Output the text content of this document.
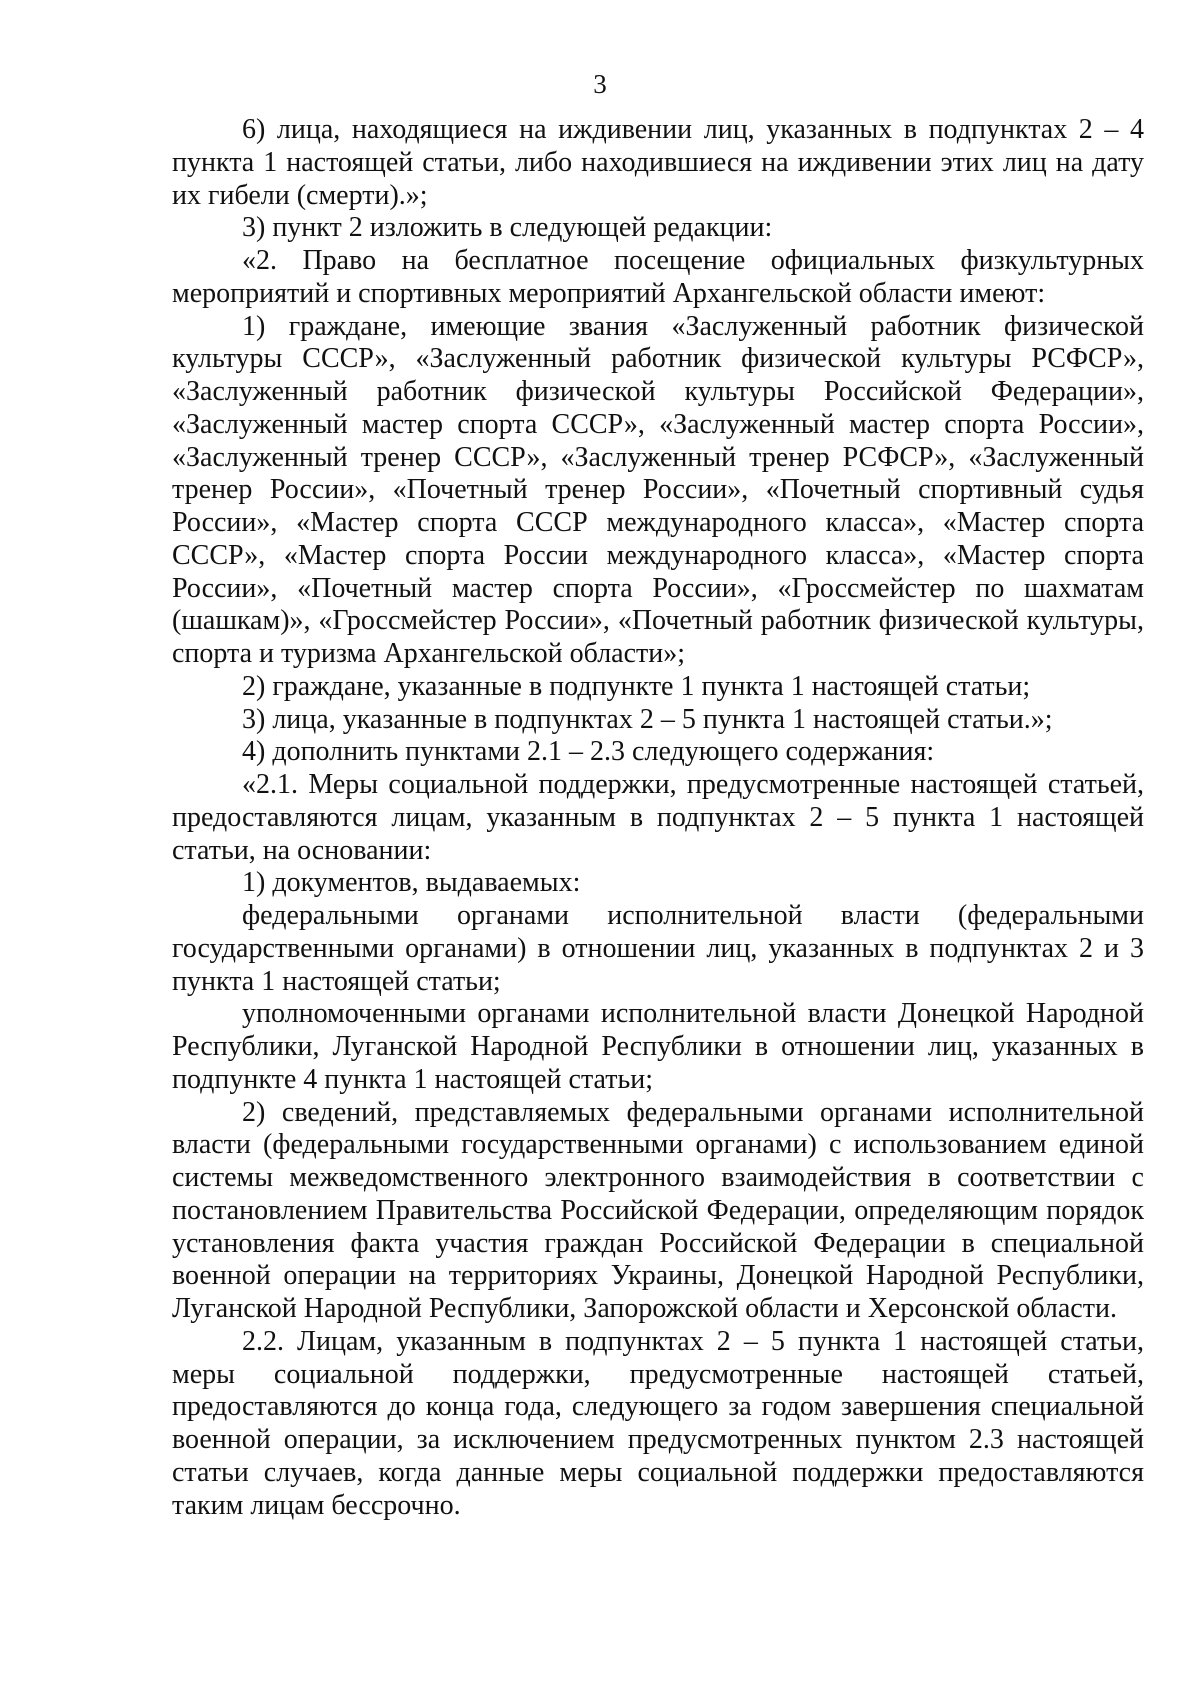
3

6) лица, находящиеся на иждивении лиц, указанных в подпунктах 2 – 4 пункта 1 настоящей статьи, либо находившиеся на иждивении этих лиц на дату их гибели (смерти).»;

3) пункт 2 изложить в следующей редакции:

«2. Право на бесплатное посещение официальных физкультурных мероприятий и спортивных мероприятий Архангельской области имеют:

1) граждане, имеющие звания «Заслуженный работник физической культуры СССР», «Заслуженный работник физической культуры РСФСР», «Заслуженный работник физической культуры Российской Федерации», «Заслуженный мастер спорта СССР», «Заслуженный мастер спорта России», «Заслуженный тренер СССР», «Заслуженный тренер РСФСР», «Заслуженный тренер России», «Почетный тренер России», «Почетный спортивный судья России», «Мастер спорта СССР международного класса», «Мастер спорта СССР», «Мастер спорта России международного класса», «Мастер спорта России», «Почетный мастер спорта России», «Гроссмейстер по шахматам (шашкам)», «Гроссмейстер России», «Почетный работник физической культуры, спорта и туризма Архангельской области»;

2) граждане, указанные в подпункте 1 пункта 1 настоящей статьи;

3) лица, указанные в подпунктах 2 – 5 пункта 1 настоящей статьи.»;

4) дополнить пунктами 2.1 – 2.3 следующего содержания:

«2.1. Меры социальной поддержки, предусмотренные настоящей статьей, предоставляются лицам, указанным в подпунктах 2 – 5 пункта 1 настоящей статьи, на основании:

1) документов, выдаваемых:

федеральными органами исполнительной власти (федеральными государственными органами) в отношении лиц, указанных в подпунктах 2 и 3 пункта 1 настоящей статьи;

уполномоченными органами исполнительной власти Донецкой Народной Республики, Луганской Народной Республики в отношении лиц, указанных в подпункте 4 пункта 1 настоящей статьи;

2) сведений, представляемых федеральными органами исполнительной власти (федеральными государственными органами) с использованием единой системы межведомственного электронного взаимодействия в соответствии с постановлением Правительства Российской Федерации, определяющим порядок установления факта участия граждан Российской Федерации в специальной военной операции на территориях Украины, Донецкой Народной Республики, Луганской Народной Республики, Запорожской области и Херсонской области.

2.2. Лицам, указанным в подпунктах 2 – 5 пункта 1 настоящей статьи, меры социальной поддержки, предусмотренные настоящей статьей, предоставляются до конца года, следующего за годом завершения специальной военной операции, за исключением предусмотренных пунктом 2.3 настоящей статьи случаев, когда данные меры социальной поддержки предоставляются таким лицам бессрочно.
